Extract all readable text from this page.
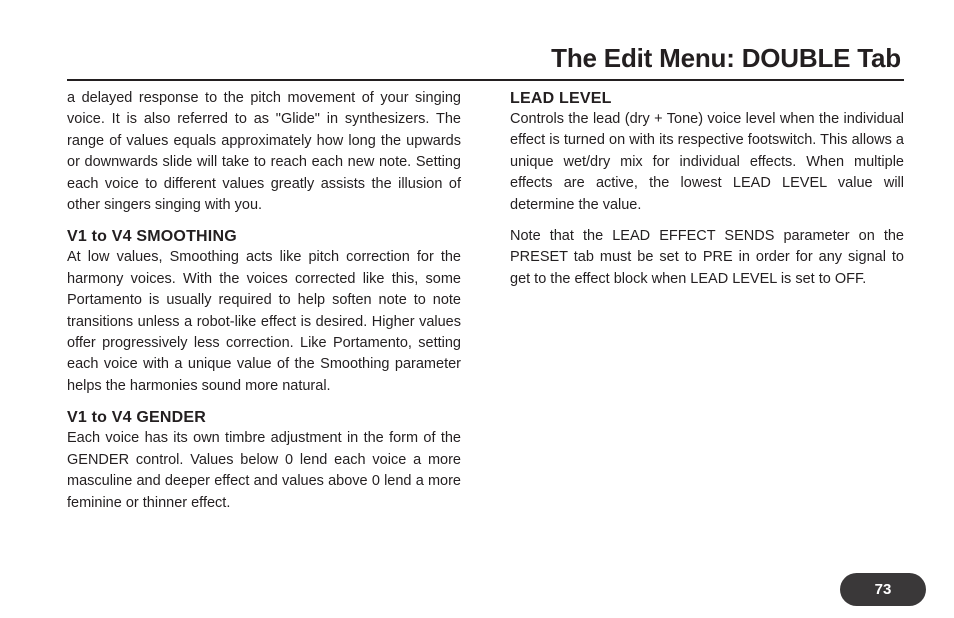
The Edit Menu: DOUBLE Tab

a delayed response to the pitch movement of your singing voice. It is also referred to as "Glide" in synthesizers. The range of values equals approximately how long the upwards or downwards slide will take to reach each new note. Setting each voice to different values greatly assists the illusion of other singers singing with you.

V1 to V4 SMOOTHING

At low values, Smoothing acts like pitch correction for the harmony voices. With the voices corrected like this, some Portamento is usually required to help soften note to note transitions unless a robot-like effect is desired. Higher values offer progressively less correction. Like Portamento, setting each voice with a unique value of the Smoothing parameter helps the harmonies sound more natural.

V1 to V4 GENDER

Each voice has its own timbre adjustment in the form of the GENDER control. Values below 0 lend each voice a more masculine and deeper effect and values above 0 lend a more feminine or thinner effect.

LEAD LEVEL

Controls the lead (dry + Tone) voice level when the individual effect is turned on with its respective footswitch. This allows a unique wet/dry mix for individual effects. When multiple effects are active, the lowest LEAD LEVEL value will determine the value.

Note that the LEAD EFFECT SENDS parameter on the PRESET tab must be set to PRE in order for any signal to get to the effect block when LEAD LEVEL is set to OFF.

73
